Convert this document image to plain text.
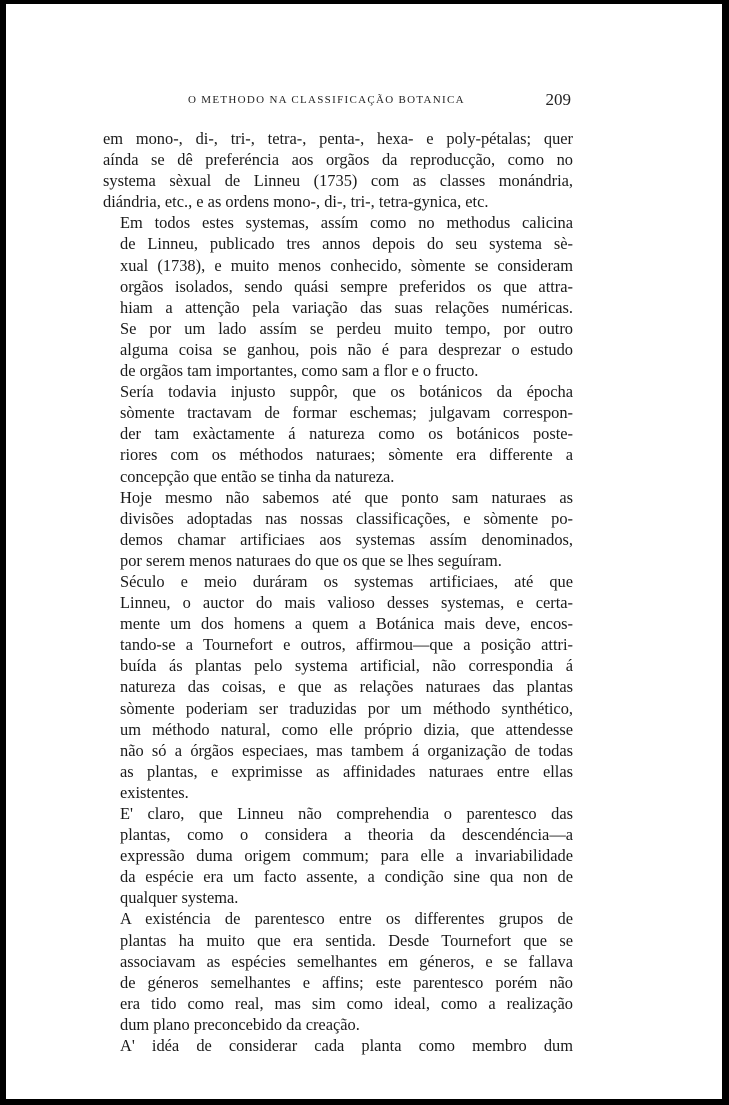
O METHODO NA CLASSIFICAÇÃO BOTANICA	209

em mono-, di-, tri-, tetra-, penta-, hexa- e poly-pétalas; quer
aínda se dê preferéncia aos orgãos da reproducção, como no
systema sèxual de Linneu (1735) com as classes monándria,
diándria, etc., e as ordens mono-, di-, tri-, tetra-gynica, etc.

Em todos estes systemas, assím como no methodus calicina
de Linneu, publicado tres annos depois do seu systema sè-
xual (1738), e muito menos conhecido, sòmente se consideram
orgãos isolados, sendo quási sempre preferidos os que attra-
hiam a attenção pela variação das suas relações numéricas.
Se por um lado assím se perdeu muito tempo, por outro
alguma coisa se ganhou, pois não é para desprezar o estudo
de orgãos tam importantes, como sam a flor e o fructo.

Sería todavia injusto suppôr, que os botánicos da épocha
sòmente tractavam de formar eschemas; julgavam correspon-
der tam exàctamente á natureza como os botánicos poste-
riores com os méthodos naturaes; sòmente era differente a
concepção que então se tinha da natureza.

Hoje mesmo não sabemos até que ponto sam naturaes as
divisões adoptadas nas nossas classificações, e sòmente po-
demos chamar artificiaes aos systemas assím denominados,
por serem menos naturaes do que os que se lhes seguíram.

Século e meio duráram os systemas artificiaes, até que
Linneu, o auctor do mais valioso desses systemas, e certa-
mente um dos homens a quem a Botánica mais deve, encos-
tando-se a Tournefort e outros, affirmou—que a posição attri-
buída ás plantas pelo systema artificial, não correspondia á
natureza das coisas, e que as relações naturaes das plantas
sòmente poderiam ser traduzidas por um méthodo synthético,
um méthodo natural, como elle próprio dizia, que attendesse
não só a órgãos especiaes, mas tambem á organização de todas
as plantas, e exprimisse as affinidades naturaes entre ellas
existentes.

E' claro, que Linneu não comprehendia o parentesco das
plantas, como o considera a theoria da descendéncia—a
expressão duma origem commum; para elle a invariabilidade
da espécie era um facto assente, a condição sine qua non de
qualquer systema.

A existéncia de parentesco entre os differentes grupos de
plantas ha muito que era sentida. Desde Tournefort que se
associavam as espécies semelhantes em géneros, e se fallava
de géneros semelhantes e affins; este parentesco porém não
era tido como real, mas sim como ideal, como a realização
dum plano preconcebido da creação.

A' idéa de considerar cada planta como membro dum
